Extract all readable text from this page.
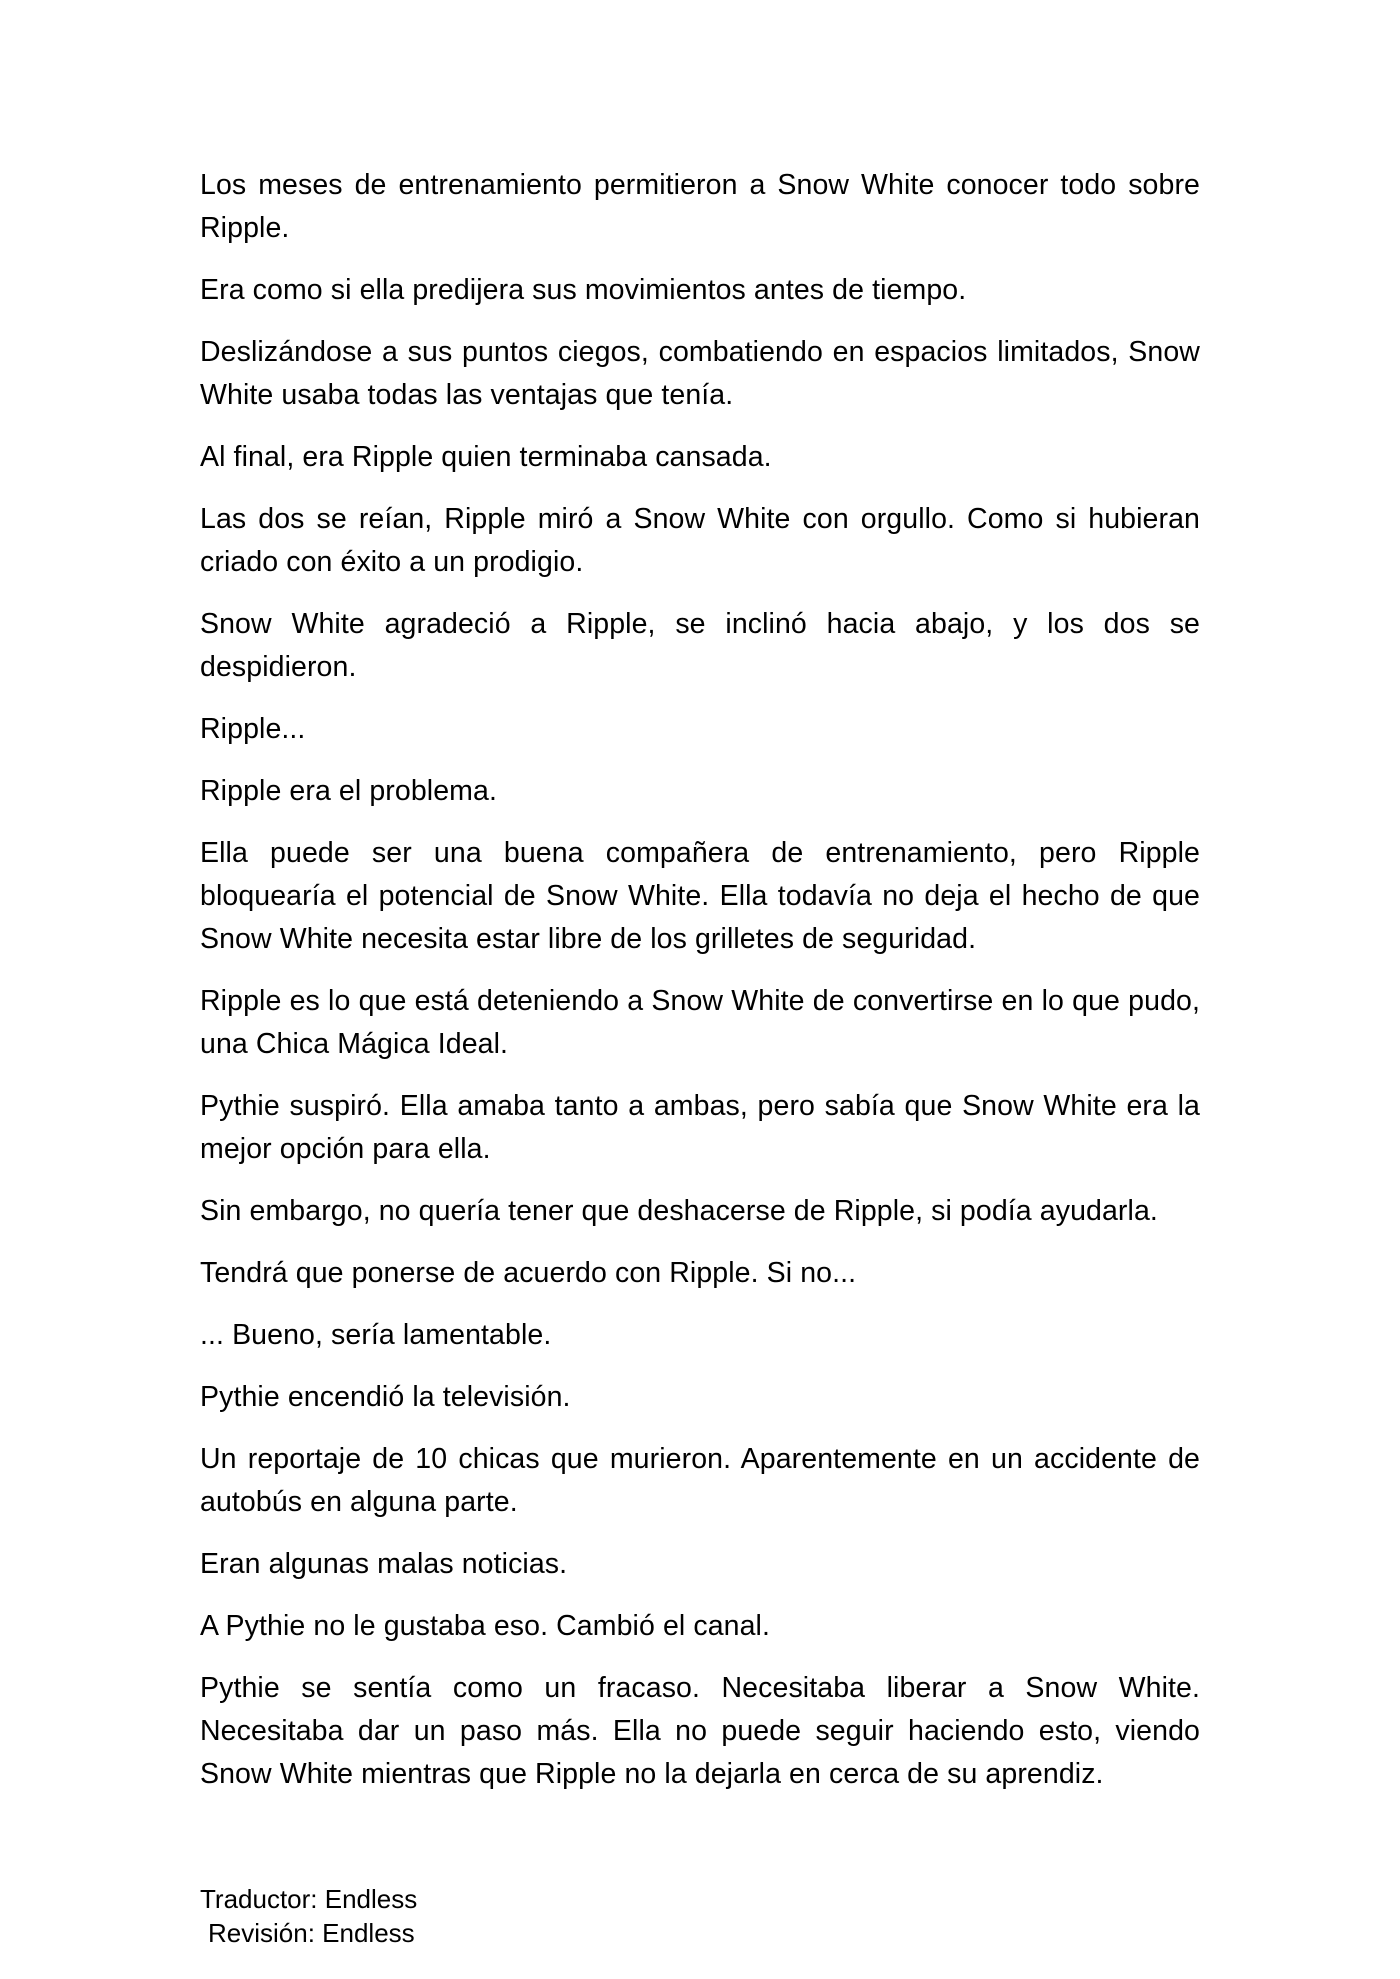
Los meses de entrenamiento permitieron a Snow White conocer todo sobre Ripple.

Era como si ella predijera sus movimientos antes de tiempo.

Deslizándose a sus puntos ciegos, combatiendo en espacios limitados, Snow White usaba todas las ventajas que tenía.

Al final, era Ripple quien terminaba cansada.

Las dos se reían, Ripple miró a Snow White con orgullo. Como si hubieran criado con éxito a un prodigio.

Snow White agradeció a Ripple, se inclinó hacia abajo, y los dos se despidieron.

Ripple...

Ripple era el problema.

Ella puede ser una buena compañera de entrenamiento, pero Ripple bloquearía el potencial de Snow White. Ella todavía no deja el hecho de que Snow White necesita estar libre de los grilletes de seguridad.

Ripple es lo que está deteniendo a Snow White de convertirse en lo que pudo, una Chica Mágica Ideal.

Pythie suspiró. Ella amaba tanto a ambas, pero sabía que Snow White era la mejor opción para ella.

Sin embargo, no quería tener que deshacerse de Ripple, si podía ayudarla.

Tendrá que ponerse de acuerdo con Ripple. Si no...

... Bueno, sería lamentable.

Pythie encendió la televisión.

Un reportaje de 10 chicas que murieron. Aparentemente en un accidente de autobús en alguna parte.

Eran algunas malas noticias.

A Pythie no le gustaba eso. Cambió el canal.

Pythie se sentía como un fracaso. Necesitaba liberar a Snow White. Necesitaba dar un paso más. Ella no puede seguir haciendo esto, viendo Snow White mientras que Ripple no la dejarla en cerca de su aprendiz.

Traductor: Endless
Revisión: Endless
